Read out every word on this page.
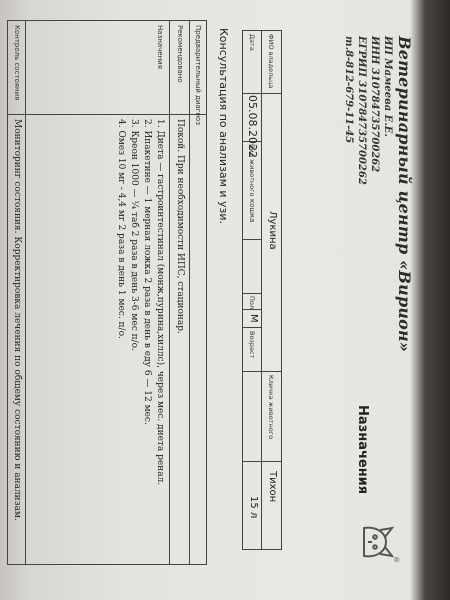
Ветеринарный центр «Вирион»
ИП Мамеева Е.Е.
ИНН 310784735700262
ЕГРИП 310784735700262
т.8-812-679-11-45
Назначения
®
ФИО владельца
Лукина
Кличка животного
Тихон
Дата
05.08.2022
Вид животного
кошка
Пол
М
Возраст
15 л
Консультация по анализам и узи.
Предварительный диагноз
Рекомендовано
Покой. При необходимости ИПС, стационар.
Назначения
1. Диета — гастроинтестинал (монж,пурина,хиллс), через мес. диета ренал.
2. Ипакетине — 1 мерная ложка 2 раза в день в еду 6 — 12 мес.
3. Креон 1000 — ¼ таб 2 раза в день 3-6 мес п/о.
4. Омез 10 мг - 4,4 мг 2 раза в день 1 мес. п/о.
Контроль состояния
Мониторинг состояния. Корректировка лечения по общему состоянию и анализам.
